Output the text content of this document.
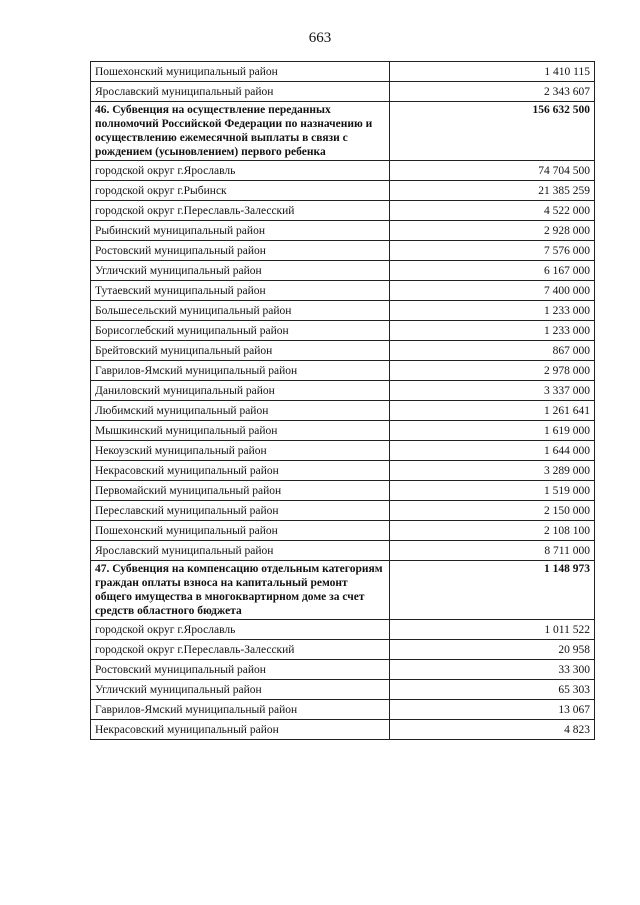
663
Пошехонский муниципальный район	1 410 115
Ярославский муниципальный район	2 343 607
46. Субвенция на осуществление переданных полномочий Российской Федерации по назначению и осуществлению ежемесячной выплаты в связи с рождением (усыновлением) первого ребенка	156 632 500
городской округ г.Ярославль	74 704 500
городской округ г.Рыбинск	21 385 259
городской округ г.Переславль-Залесский	4 522 000
Рыбинский муниципальный район	2 928 000
Ростовский муниципальный район	7 576 000
Угличский муниципальный район	6 167 000
Тутаевский муниципальный район	7 400 000
Большесельский муниципальный район	1 233 000
Борисоглебский муниципальный район	1 233 000
Брейтовский муниципальный район	867 000
Гаврилов-Ямский муниципальный район	2 978 000
Даниловский муниципальный район	3 337 000
Любимский муниципальный район	1 261 641
Мышкинский муниципальный район	1 619 000
Некоузский муниципальный район	1 644 000
Некрасовский муниципальный район	3 289 000
Первомайский муниципальный район	1 519 000
Переславский муниципальный район	2 150 000
Пошехонский муниципальный район	2 108 100
Ярославский муниципальный район	8 711 000
47. Субвенция на компенсацию отдельным категориям граждан оплаты взноса на капитальный ремонт общего имущества в многоквартирном доме за счет средств областного бюджета	1 148 973
городской округ г.Ярославль	1 011 522
городской округ г.Переславль-Залесский	20 958
Ростовский муниципальный район	33 300
Угличский муниципальный район	65 303
Гаврилов-Ямский муниципальный район	13 067
Некрасовский муниципальный район	4 823
